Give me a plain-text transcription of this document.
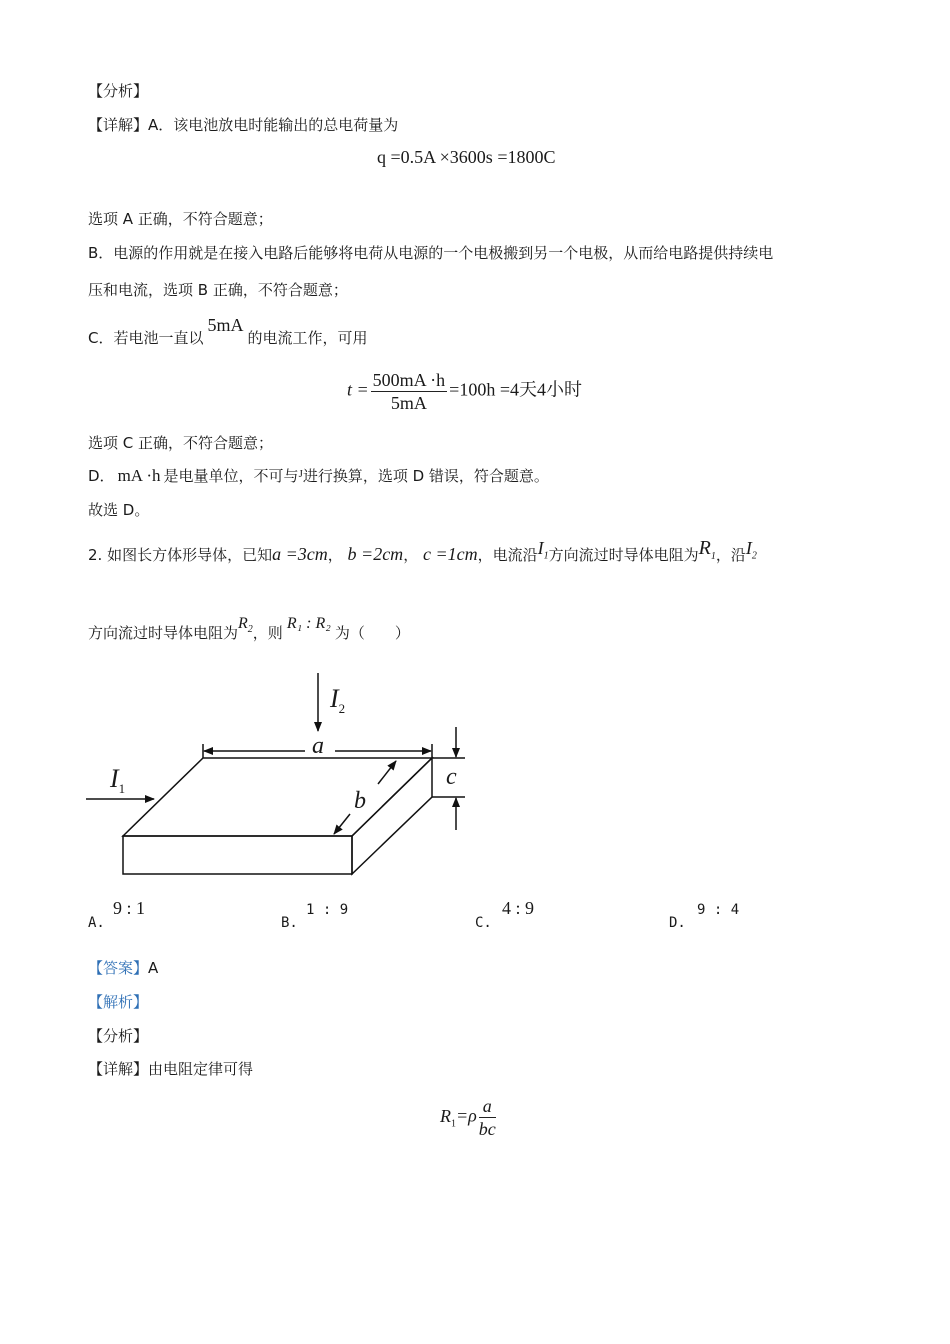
【分析】
【详解】A．该电池放电时能输出的总电荷量为
q =0.5A ×3600s =1800C
选项 A 正确，不符合题意；
B．电源的作用就是在接入电路后能够将电荷从电源的一个电极搬到另一个电极，从而给电路提供持续电
压和电流，选项 B 正确，不符合题意；
C．若电池一直以5mA的电流工作，可用
$t = \frac{500mA \cdot h}{5mA} =100h =4$天4小时
选项 C 正确，不符合题意；
D． mA ·h 是电量单位，不可与$^J$进行换算，选项 D 错误，符合题意。
故选 D。
2. 如图长方体形导体，已知a =3cm， b =2cm， c =1cm，电流沿$I_1$方向流过时导体电阻为$R_1$，沿$I_2$
方向流过时导体电阻为$R_2$，则R₁ : R₂为（　　）
$I_2$
$I_1$
a
b
c
A.
9 : 1
B.
1 : 9
C.
4 : 9
D.
9 : 4
【答案】A
【解析】
【分析】
【详解】由电阻定律可得
$R_1=\rho \frac{a}{bc}$
